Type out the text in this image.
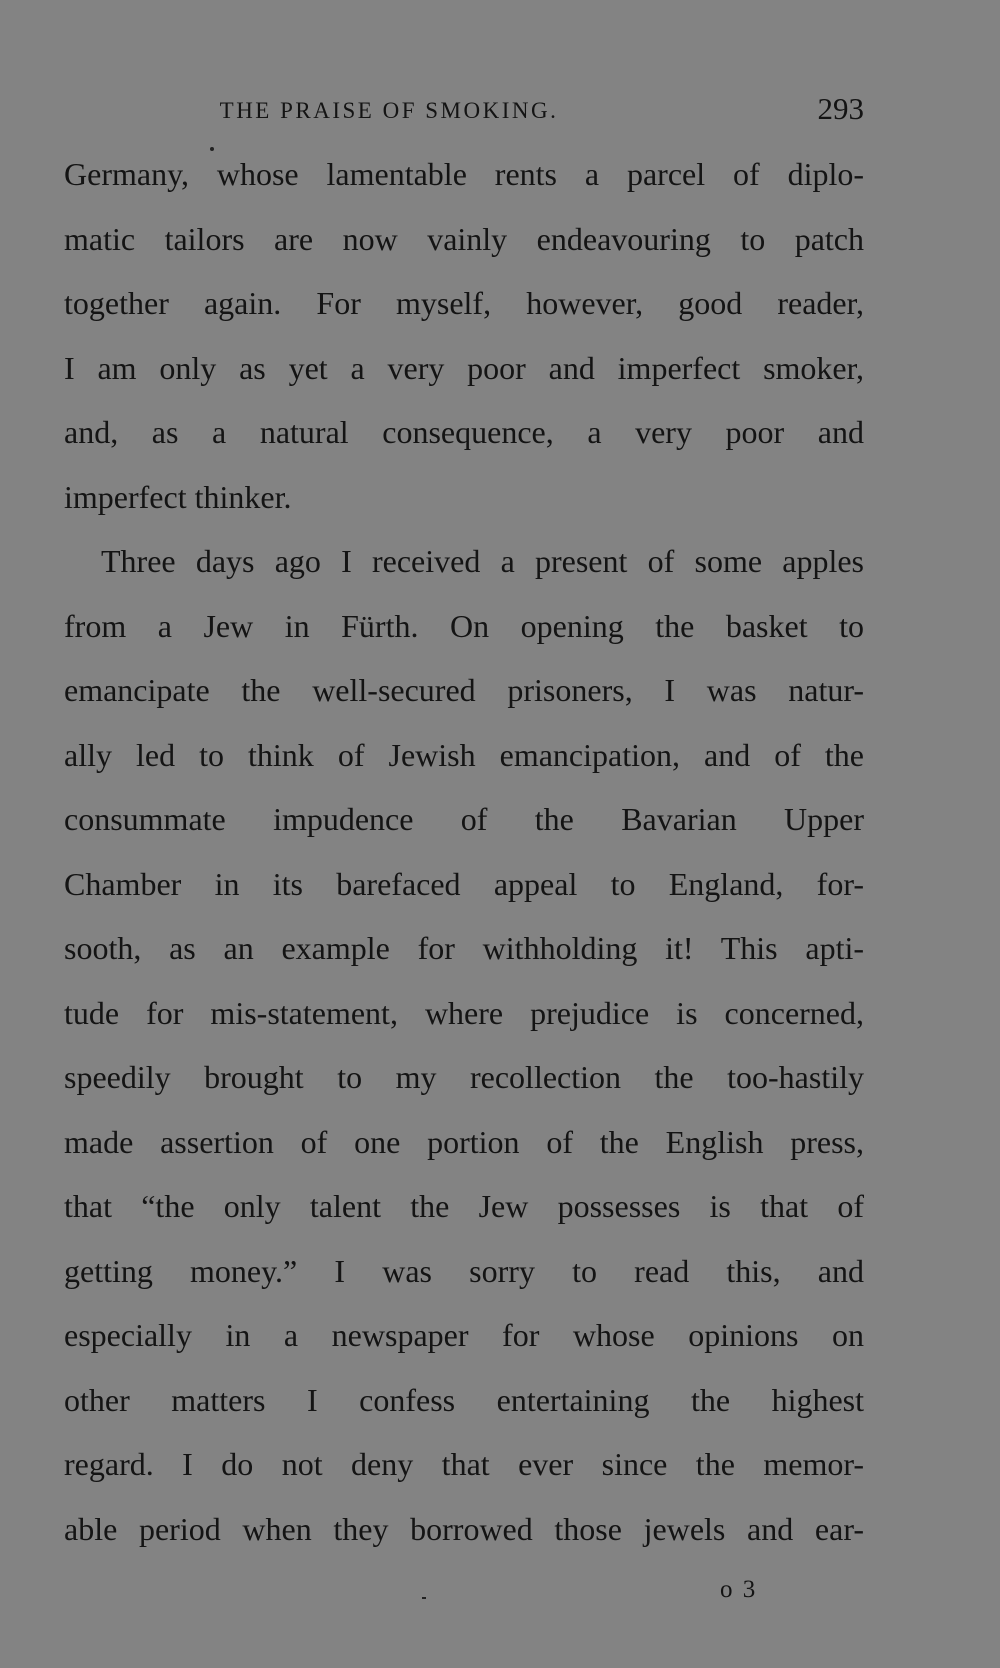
THE PRAISE OF SMOKING.	293
Germany, whose lamentable rents a parcel of diplo-
matic tailors are now vainly endeavouring to patch
together again. For myself, however, good reader,
I am only as yet a very poor and imperfect smoker,
and, as a natural consequence, a very poor and
imperfect thinker.
Three days ago I received a present of some apples
from a Jew in Fürth. On opening the basket to
emancipate the well-secured prisoners, I was natur-
ally led to think of Jewish emancipation, and of the
consummate impudence of the Bavarian Upper
Chamber in its barefaced appeal to England, for-
sooth, as an example for withholding it! This apti-
tude for mis-statement, where prejudice is concerned,
speedily brought to my recollection the too-hastily
made assertion of one portion of the English press,
that “the only talent the Jew possesses is that of
getting money.” I was sorry to read this, and
especially in a newspaper for whose opinions on
other matters I confess entertaining the highest
regard. I do not deny that ever since the memor-
able period when they borrowed those jewels and ear-
o 3
